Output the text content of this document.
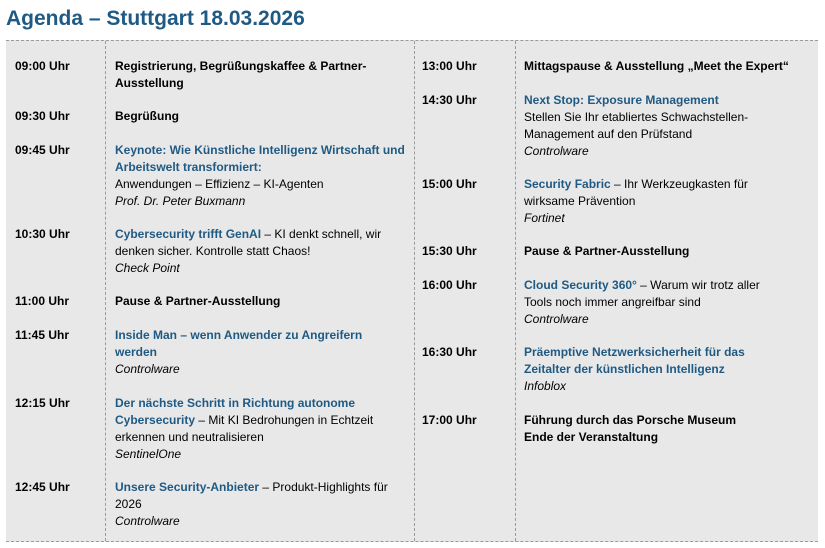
Agenda – Stuttgart 18.03.2026
09:00 Uhr	Registrierung, Begrüßungskaffee & Partner-Ausstellung
09:30 Uhr	Begrüßung
09:45 Uhr	Keynote: Wie Künstliche Intelligenz Wirtschaft und Arbeitswelt transformiert:
Anwendungen – Effizienz – KI-Agenten
Prof. Dr. Peter Buxmann
10:30 Uhr	Cybersecurity trifft GenAI – KI denkt schnell, wir denken sicher. Kontrolle statt Chaos!
Check Point
11:00 Uhr	Pause & Partner-Ausstellung
11:45 Uhr	Inside Man – wenn Anwender zu Angreifern werden
Controlware
12:15 Uhr	Der nächste Schritt in Richtung autonome Cybersecurity – Mit KI Bedrohungen in Echtzeit erkennen und neutralisieren
SentinelOne
12:45 Uhr	Unsere Security-Anbieter – Produkt-Highlights für 2026
Controlware
13:00 Uhr	Mittagspause & Ausstellung „Meet the Expert“
14:30 Uhr	Next Stop: Exposure Management
Stellen Sie Ihr etabliertes Schwachstellen-Management auf den Prüfstand
Controlware
15:00 Uhr	Security Fabric – Ihr Werkzeugkasten für wirksame Prävention
Fortinet
15:30 Uhr	Pause & Partner-Ausstellung
16:00 Uhr	Cloud Security 360° – Warum wir trotz aller Tools noch immer angreifbar sind
Controlware
16:30 Uhr	Präemptive Netzwerksicherheit für das Zeitalter der künstlichen Intelligenz
Infoblox
17:00 Uhr	Führung durch das Porsche Museum
Ende der Veranstaltung
